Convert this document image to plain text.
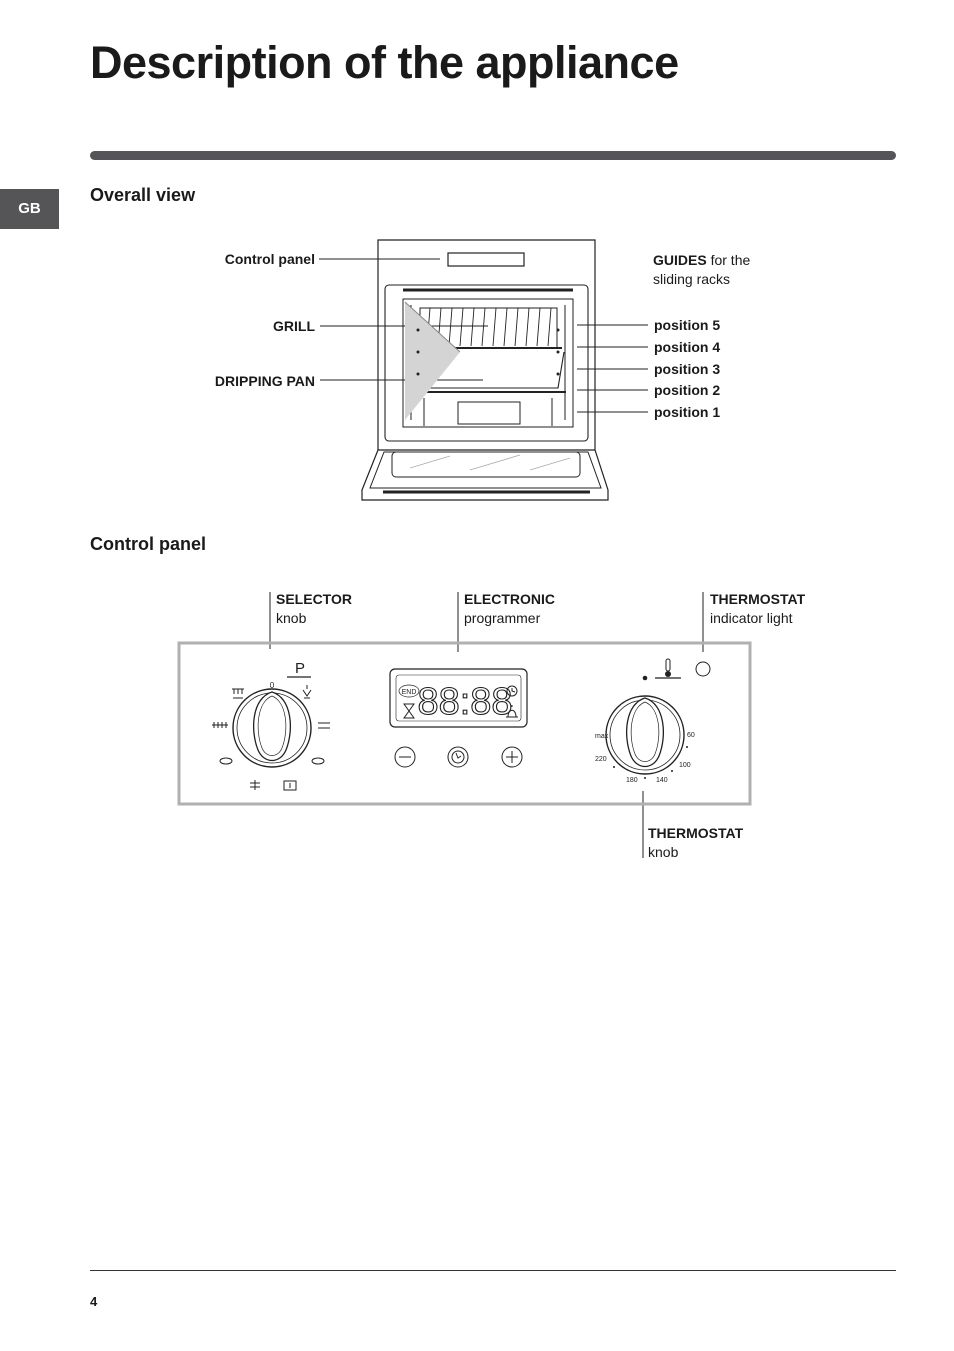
Description of the appliance
GB
Overall view
Control panel
GRILL
DRIPPING PAN
GUIDES for the
sliding racks
position 5
position 4
position 3
position 2
position 1
Control panel
SELECTOR
knob
ELECTRONIC
programmer
THERMOSTAT
indicator light
THERMOSTAT
knob
0
P
END 88:88
max	60
100
140
180
220
4
